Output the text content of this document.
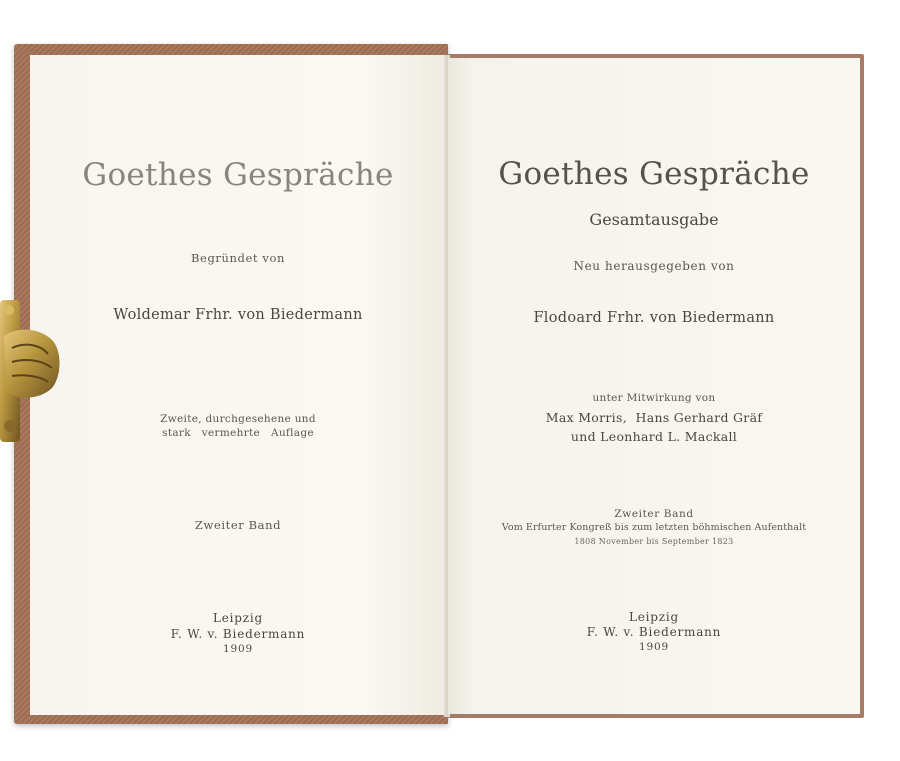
Goethes Gespräche

Begründet von

Woldemar Frhr. von Biedermann

Zweite, durchgesehene und

stark   vermehrte   Auflage

Zweiter Band

Leipzig

F. W. v. Biedermann

1909

Goethes Gespräche

Gesamtausgabe

Neu herausgegeben von

Flodoard Frhr. von Biedermann

unter Mitwirkung von

Max Morris,  Hans Gerhard Gräf

und Leonhard L. Mackall

Zweiter Band

Vom Erfurter Kongreß bis zum letzten böhmischen Aufenthalt

1808 November bis September 1823

Leipzig

F. W. v. Biedermann

1909
